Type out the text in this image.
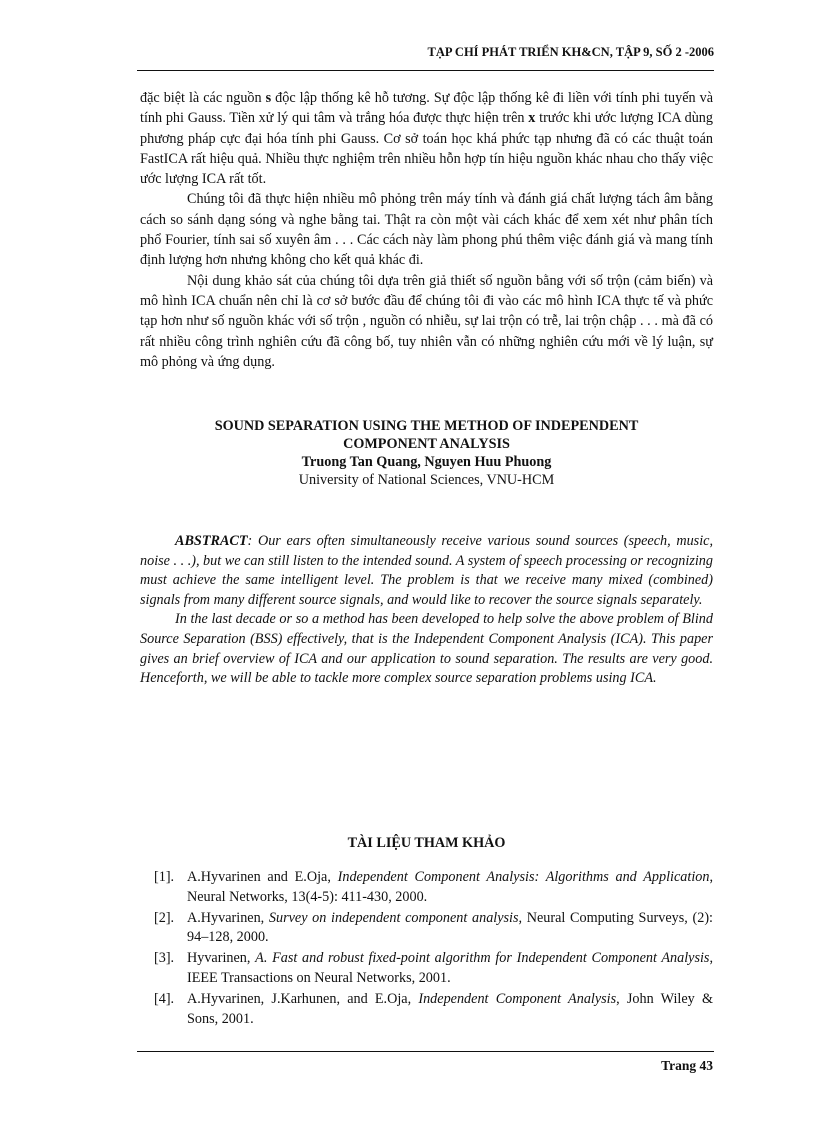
TẠP CHÍ PHÁT TRIỂN KH&CN, TẬP 9, SỐ 2 -2006

đặc biệt là các nguồn s độc lập thống kê hỗ tương. Sự độc lập thống kê đi liền với tính phi tuyến và tính phi Gauss. Tiền xử lý qui tâm và trắng hóa được thực hiện trên x trước khi ước lượng ICA dùng phương pháp cực đại hóa tính phi Gauss. Cơ sở toán học khá phức tạp nhưng đã có các thuật toán FastICA rất hiệu quả. Nhiều thực nghiệm trên nhiều hỗn hợp tín hiệu nguồn khác nhau cho thấy việc ước lượng ICA rất tốt.

Chúng tôi đã thực hiện nhiều mô phỏng trên máy tính và đánh giá chất lượng tách âm bằng cách so sánh dạng sóng và nghe bằng tai. Thật ra còn một vài cách khác để xem xét như phân tích phổ Fourier, tính sai số xuyên âm . . . Các cách này làm phong phú thêm việc đánh giá và mang tính định lượng hơn nhưng không cho kết quả khác đi.

Nội dung khảo sát của chúng tôi dựa trên giả thiết số nguồn bằng với số trộn (cảm biến) và mô hình ICA chuẩn nên chỉ là cơ sở bước đầu để chúng tôi đi vào các mô hình ICA thực tế và phức tạp hơn như số nguồn khác với số trộn , nguồn có nhiễu, sự lai trộn có trễ, lai trộn chập . . . mà đã có rất nhiều công trình nghiên cứu đã công bố, tuy nhiên vẫn có những nghiên cứu mới về lý luận, sự mô phỏng và ứng dụng.

SOUND SEPARATION USING THE METHOD OF INDEPENDENT
COMPONENT ANALYSIS
Truong Tan Quang, Nguyen Huu Phuong
University of National Sciences, VNU-HCM

ABSTRACT: Our ears often simultaneously receive various sound sources (speech, music, noise . . .), but we can still listen to the intended sound. A system of speech processing or recognizing must achieve the same intelligent level. The problem is that we receive many mixed (combined) signals from many different source signals, and would like to recover the source signals separately.

In the last decade or so a method has been developed to help solve the above problem of Blind Source Separation (BSS) effectively, that is the Independent Component Analysis (ICA). This paper gives an brief overview of ICA and our application to sound separation. The results are very good. Henceforth, we will be able to tackle more complex source separation problems using ICA.

TÀI LIỆU THAM KHẢO
[1]. A.Hyvarinen and E.Oja, Independent Component Analysis: Algorithms and Application, Neural Networks, 13(4-5): 411-430, 2000.
[2]. A.Hyvarinen, Survey on independent component analysis, Neural Computing Surveys, (2): 94–128, 2000.
[3]. Hyvarinen, A. Fast and robust fixed-point algorithm for Independent Component Analysis, IEEE Transactions on Neural Networks, 2001.
[4]. A.Hyvarinen, J.Karhunen, and E.Oja, Independent Component Analysis, John Wiley & Sons, 2001.
Trang 43
